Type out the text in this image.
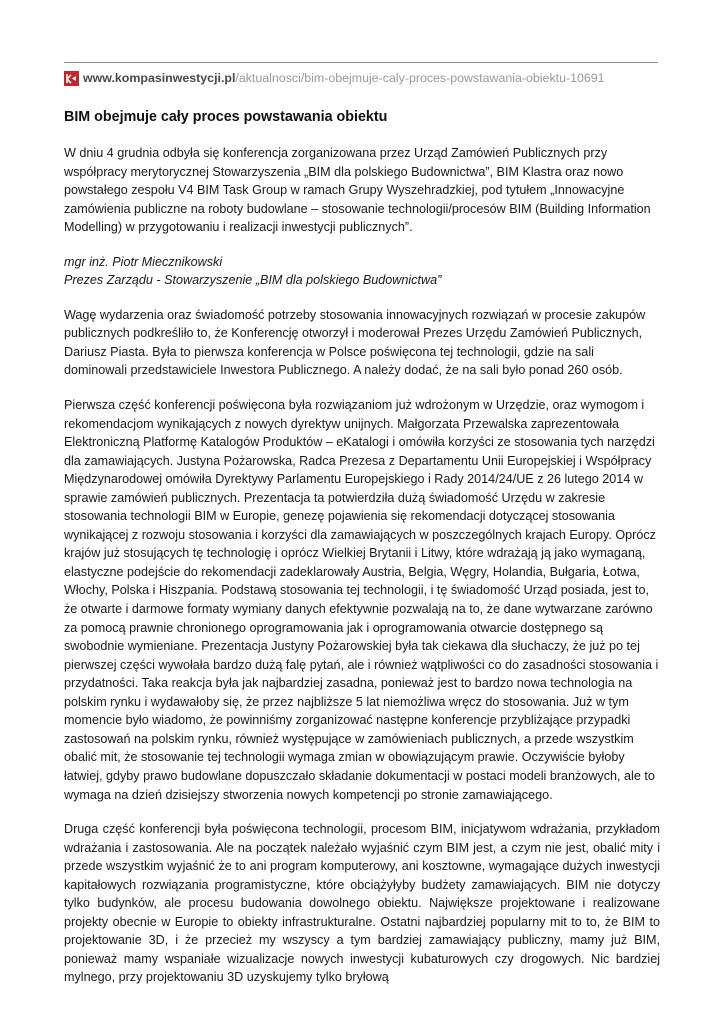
www.kompasinwestycji.pl /aktualnosci/bim-obejmuje-caly-proces-powstawania-obiektu-10691
BIM obejmuje cały proces powstawania obiektu

W dniu 4 grudnia odbyła się konferencja zorganizowana przez Urząd Zamówień Publicznych przy współpracy merytorycznej Stowarzyszenia „BIM dla polskiego Budownictwa”, BIM Klastra oraz nowo powstałego zespołu V4 BIM Task Group w ramach Grupy Wyszehradzkiej, pod tytułem „Innowacyjne zamówienia publiczne na roboty budowlane – stosowanie technologii/procesów BIM (Building Information Modelling) w przygotowaniu i realizacji inwestycji publicznych”.

mgr inż. Piotr Miecznikowski
Prezes Zarządu - Stowarzyszenie „BIM dla polskiego Budownictwa”

Wagę wydarzenia oraz świadomość potrzeby stosowania innowacyjnych rozwiązań w procesie zakupów publicznych podkreśliło to, że Konferencję otworzył i moderował Prezes Urzędu Zamówień Publicznych, Dariusz Piasta. Była to pierwsza konferencja w Polsce poświęcona tej technologii, gdzie na sali dominowali przedstawiciele Inwestora Publicznego. A należy dodać, że na sali było ponad 260 osób.

Pierwsza część konferencji poświęcona była rozwiązaniom już wdrożonym w Urzędzie, oraz wymogom i rekomendacjom wynikających z nowych dyrektyw unijnych. Małgorzata Przewalska zaprezentowała Elektroniczną Platformę Katalogów Produktów – eKatalogi i omówiła korzyści ze stosowania tych narzędzi dla zamawiających. Justyna Pożarowska, Radca Prezesa z Departamentu Unii Europejskiej i Współpracy Międzynarodowej omówiła Dyrektywy Parlamentu Europejskiego i Rady 2014/24/UE z 26 lutego 2014 w sprawie zamówień publicznych. Prezentacja ta potwierdziła dużą świadomość Urzędu w zakresie stosowania technologii BIM w Europie, genezę pojawienia się rekomendacji dotyczącej stosowania wynikającej z rozwoju stosowania i korzyści dla zamawiających w poszczególnych krajach Europy. Oprócz krajów już stosujących tę technologię i oprócz Wielkiej Brytanii i Litwy, które wdrażają ją jako wymaganą, elastyczne podejście do rekomendacji zadeklarowały Austria, Belgia, Węgry, Holandia, Bułgaria, Łotwa, Włochy, Polska i Hiszpania. Podstawą stosowania tej technologii, i tę świadomość Urząd posiada, jest to, że otwarte i darmowe formaty wymiany danych efektywnie pozwalają na to, że dane wytwarzane zarówno za pomocą prawnie chronionego oprogramowania jak i oprogramowania otwarcie dostępnego są swobodnie wymieniane. Prezentacja Justyny Pożarowskiej była tak ciekawa dla słuchaczy, że już po tej pierwszej części wywołała bardzo dużą falę pytań, ale i również wątpliwości co do zasadności stosowania i przydatności. Taka reakcja była jak najbardziej zasadna, ponieważ jest to bardzo nowa technologia na polskim rynku i wydawałoby się, że przez najbliższe 5 lat niemożliwa wręcz do stosowania. Już w tym momencie było wiadomo, że powinniśmy zorganizować następne konferencje przybliżające przypadki zastosowań na polskim rynku, również występujące w zamówieniach publicznych, a przede wszystkim obalić mit, że stosowanie tej technologii wymaga zmian w obowiązującym prawie. Oczywiście byłoby łatwiej, gdyby prawo budowlane dopuszczało składanie dokumentacji w postaci modeli branżowych, ale to wymaga na dzień dzisiejszy stworzenia nowych kompetencji po stronie zamawiającego.

Druga część konferencji była poświęcona technologii, procesom BIM, inicjatywom wdrażania, przykładom wdrażania i zastosowania. Ale na początek należało wyjaśnić czym BIM jest, a czym nie jest, obalić mity i przede wszystkim wyjaśnić że to ani program komputerowy, ani kosztowne, wymagające dużych inwestycji kapitałowych rozwiązania programistyczne, które obciążyłyby budżety zamawiających. BIM nie dotyczy tylko budynków, ale procesu budowania dowolnego obiektu. Największe projektowane i realizowane projekty obecnie w Europie to obiekty infrastrukturalne. Ostatni najbardziej popularny mit to to, że BIM to projektowanie 3D, i że przecież my wszyscy a tym bardziej zamawiający publiczny, mamy już BIM, ponieważ mamy wspaniałe wizualizacje nowych inwestycji kubaturowych czy drogowych. Nic bardziej mylnego, przy projektowaniu 3D uzyskujemy tylko bryłową
